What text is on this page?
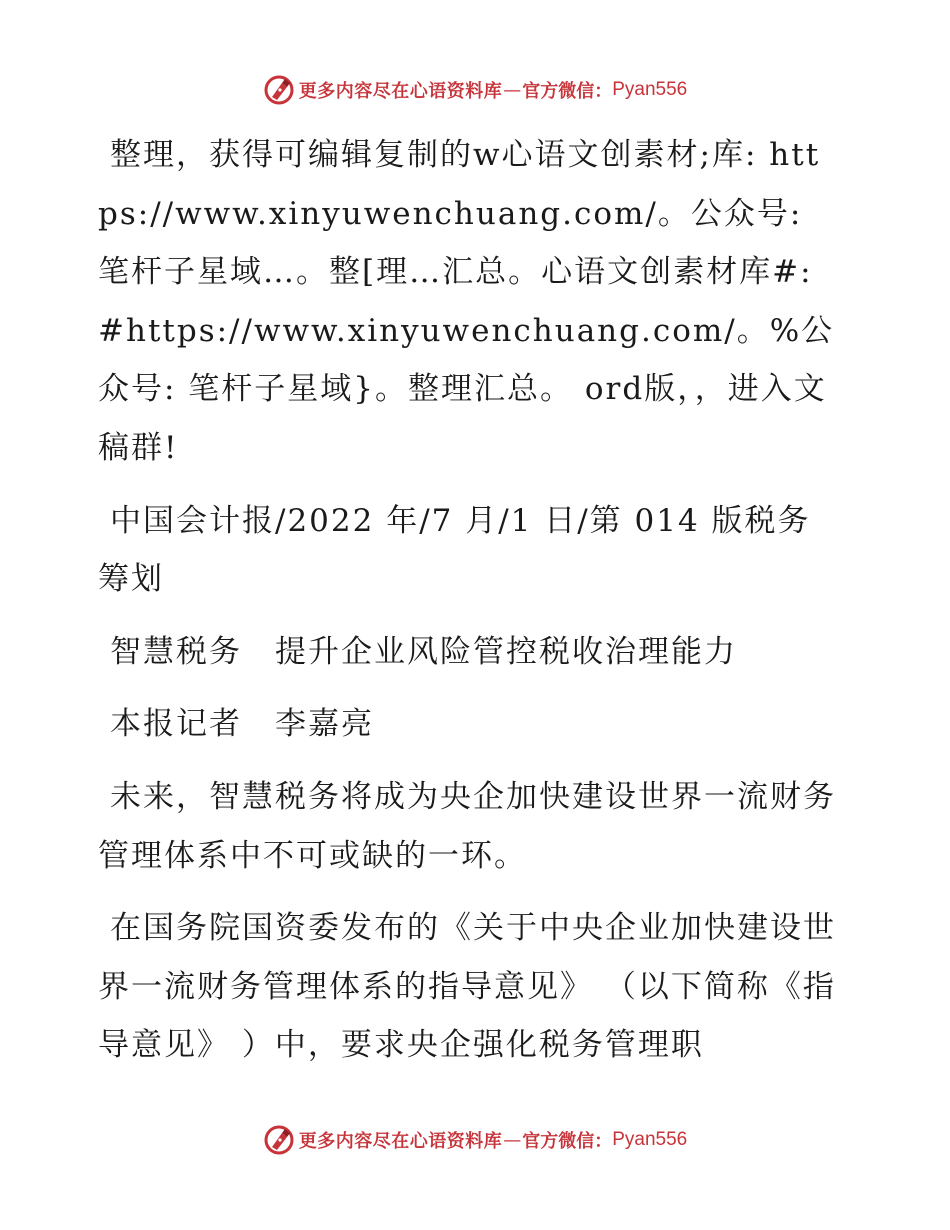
更多内容尽在心语资料库 — 官方微信： Pyan556

整理，获得可编辑复制的w心语文创素材;库: https://www.xinyuwenchuang.com/。公众号: 笔杆子星域…。整[理…汇总。心语文创素材库#: #https://www.xinyuwenchuang.com/。%公众号: 笔杆子星域}。整理汇总。 ord版，，进入文稿群!

中国会计报/2022 年/7 月/1 日/第 014 版税务筹划

智慧税务　提升企业风险管控税收治理能力

本报记者　李嘉亮

未来，智慧税务将成为央企加快建设世界一流财务管理体系中不可或缺的一环。

在国务院国资委发布的《关于中央企业加快建设世界一流财务管理体系的指导意见》 （以下简称《指导意见》 ）中，要求央企强化税务管理职

更多内容尽在心语资料库 — 官方微信： Pyan556
